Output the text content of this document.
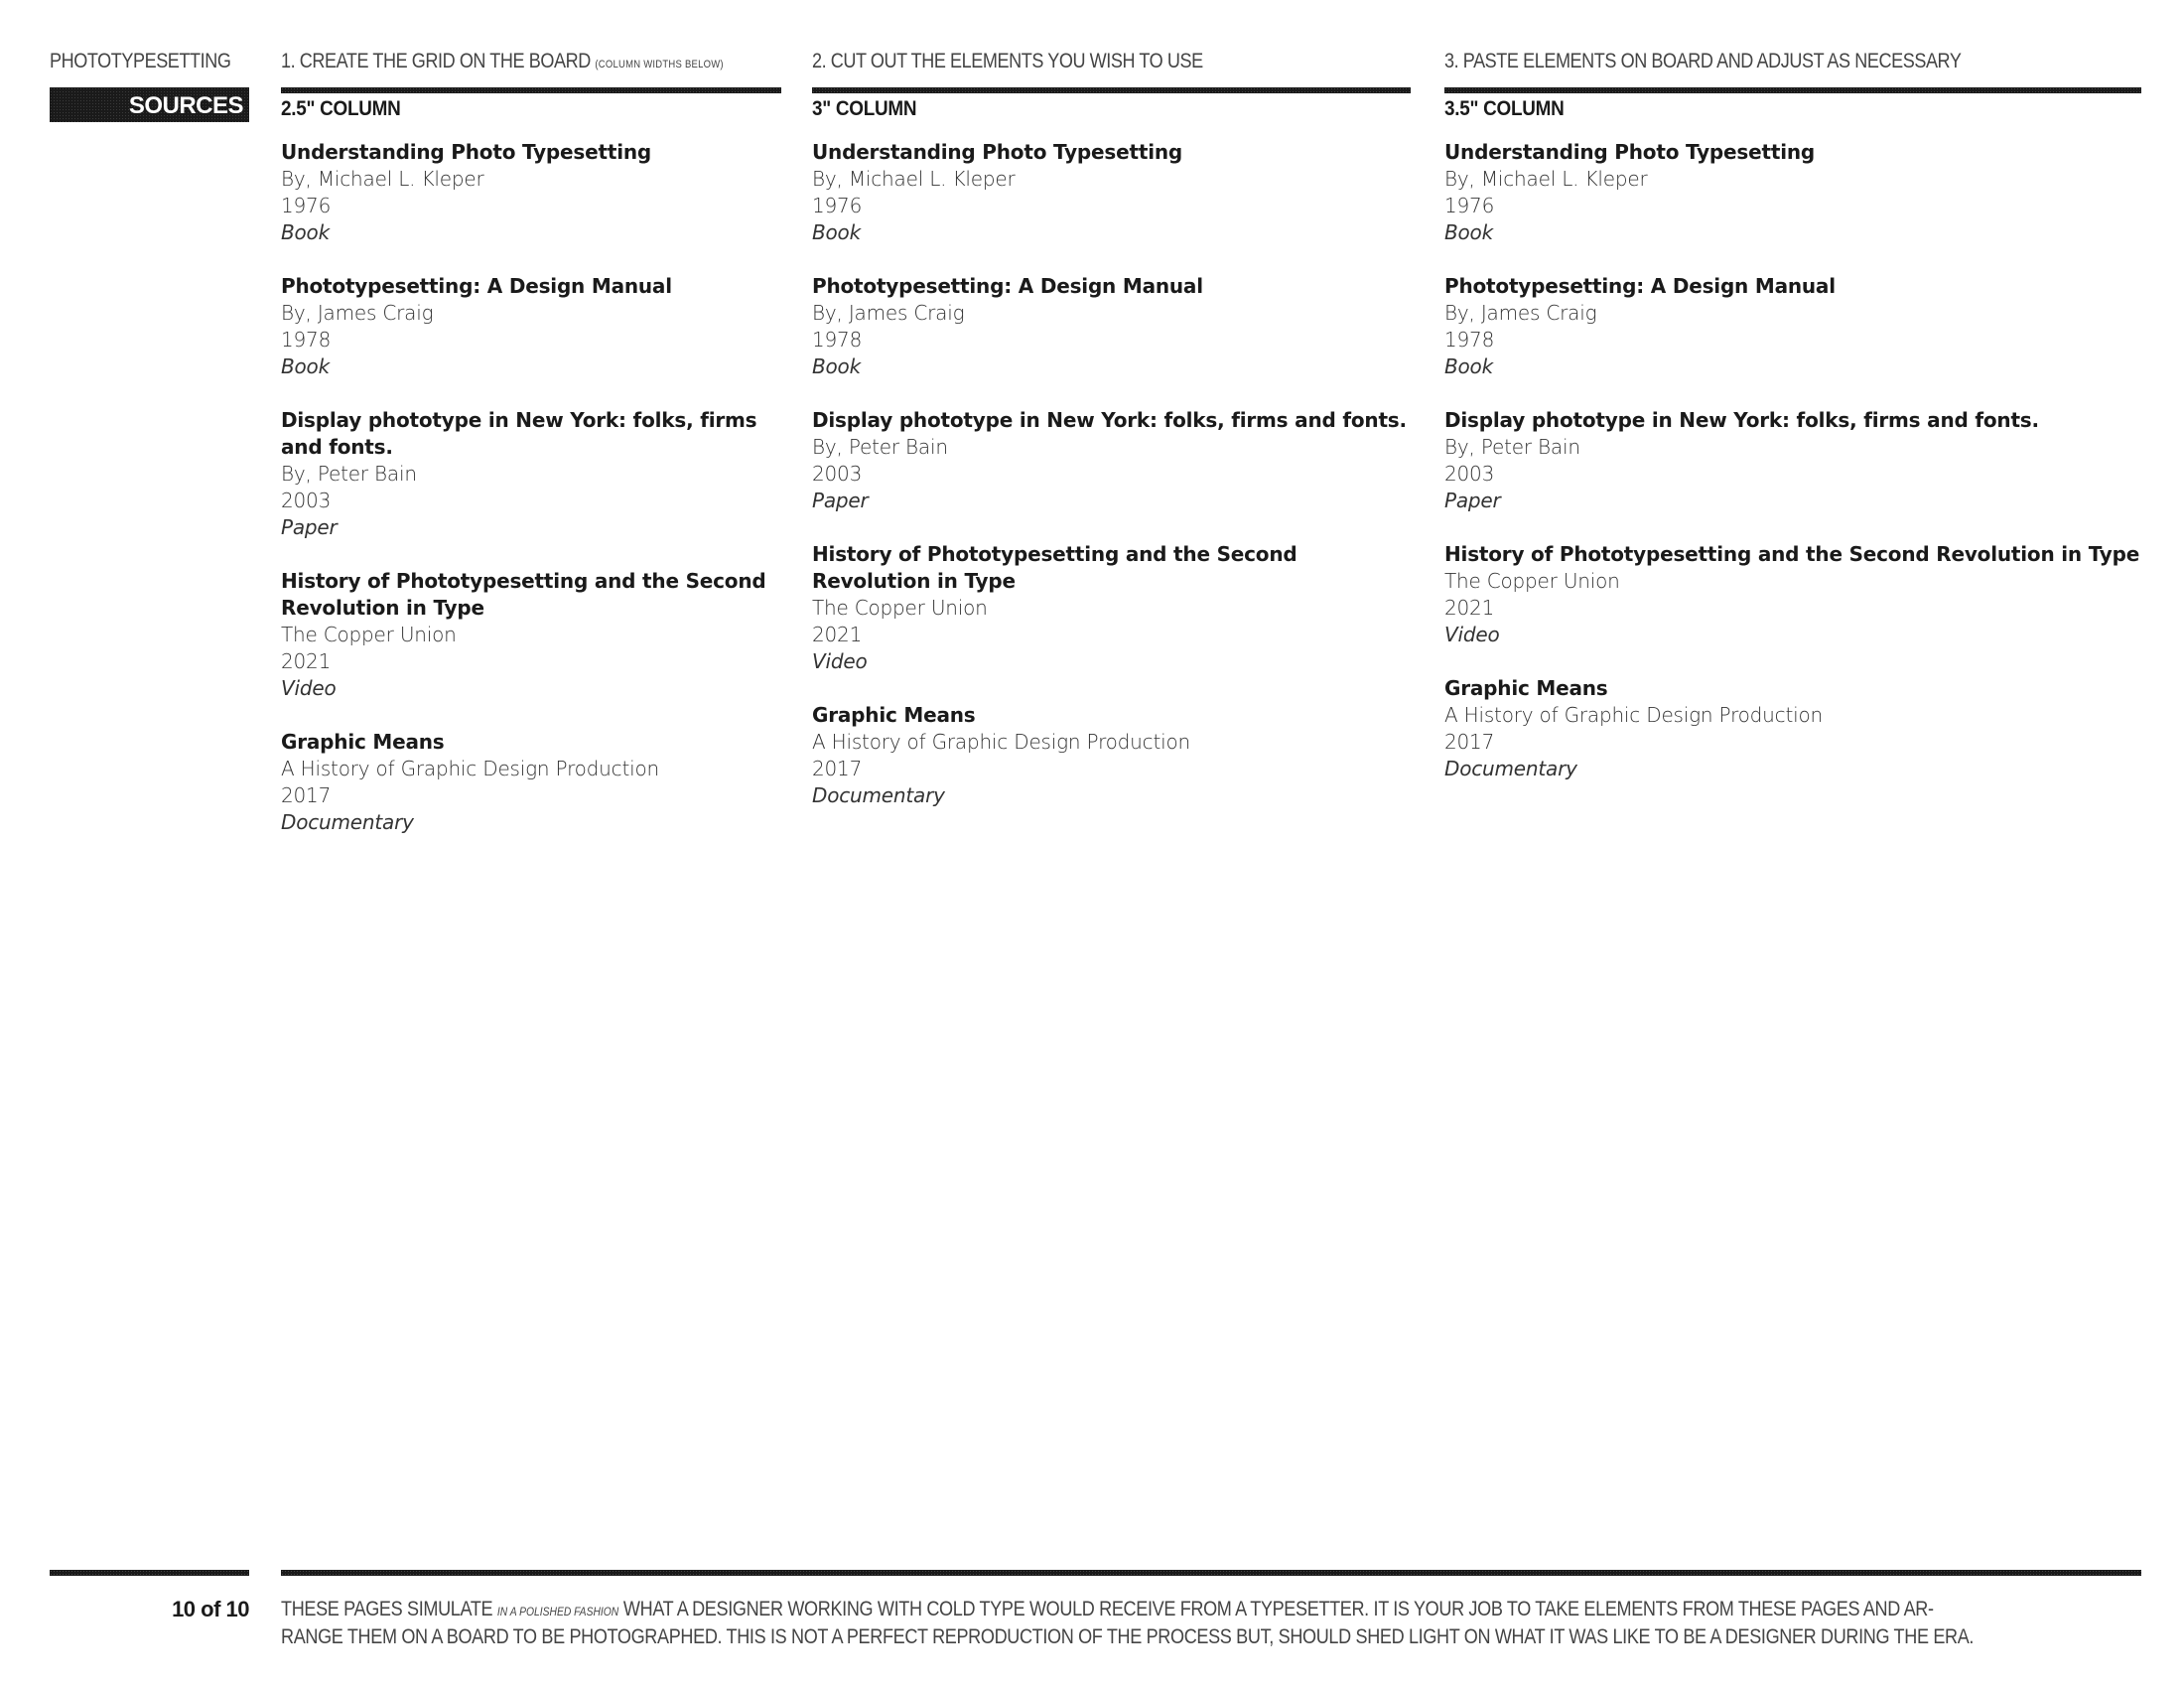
PHOTOTYPESETTING
SOURCES
1. CREATE THE GRID ON THE BOARD (COLUMN WIDTHS BELOW)	2. CUT OUT THE ELEMENTS YOU WISH TO USE	3. PASTE ELEMENTS ON BOARD AND ADJUST AS NECESSARY
2.5" COLUMN
Understanding Photo Typesetting
By, Michael L. Kleper
1976
Book
Phototypesetting: A Design Manual
By, James Craig
1978
Book
Display phototype in New York: folks, firms and fonts.
By, Peter Bain
2003
Paper
History of Phototypesetting and the Second Revolution in Type
The Copper Union
2021
Video
Graphic Means
A History of Graphic Design Production
2017
Documentary
3" COLUMN
Understanding Photo Typesetting
By, Michael L. Kleper
1976
Book
Phototypesetting: A Design Manual
By, James Craig
1978
Book
Display phototype in New York: folks, firms and fonts.
By, Peter Bain
2003
Paper
History of Phototypesetting and the Second Revolution in Type
The Copper Union
2021
Video
Graphic Means
A History of Graphic Design Production
2017
Documentary
3.5" COLUMN
Understanding Photo Typesetting
By, Michael L. Kleper
1976
Book
Phototypesetting: A Design Manual
By, James Craig
1978
Book
Display phototype in New York: folks, firms and fonts.
By, Peter Bain
2003
Paper
History of Phototypesetting and the Second Revolution in Type
The Copper Union
2021
Video
Graphic Means
A History of Graphic Design Production
2017
Documentary
10 of 10 THESE PAGES SIMULATE IN A POLISHED FASHION WHAT A DESIGNER WORKING WITH COLD TYPE WOULD RECEIVE FROM A TYPESETTER. IT IS YOUR JOB TO TAKE ELEMENTS FROM THESE PAGES AND AR-
RANGE THEM ON A BOARD TO BE PHOTOGRAPHED. THIS IS NOT A PERFECT REPRODUCTION OF THE PROCESS BUT, SHOULD SHED LIGHT ON WHAT IT WAS LIKE TO BE A DESIGNER DURING THE ERA.
